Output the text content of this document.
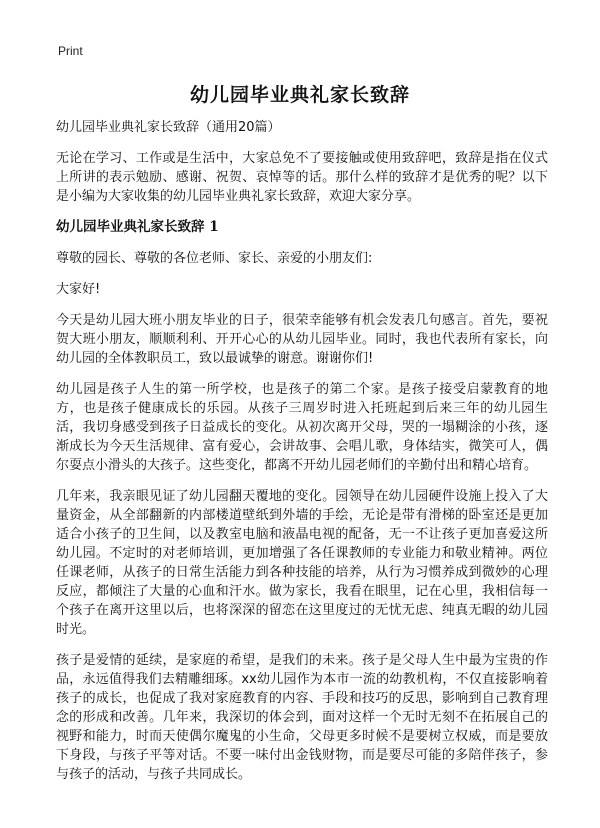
Print
幼儿园毕业典礼家长致辞

幼儿园毕业典礼家长致辞（通用20篇）

无论在学习、工作或是生活中，大家总免不了要接触或使用致辞吧，致辞是指在仪式上所讲的表示勉励、感谢、祝贺、哀悼等的话。那什么样的致辞才是优秀的呢？以下是小编为大家收集的幼儿园毕业典礼家长致辞，欢迎大家分享。

幼儿园毕业典礼家长致辞 1

尊敬的园长、尊敬的各位老师、家长、亲爱的小朋友们:

大家好!

今天是幼儿园大班小朋友毕业的日子，很荣幸能够有机会发表几句感言。首先，要祝贺大班小朋友，顺顺利利、开开心心的从幼儿园毕业。同时，我也代表所有家长，向幼儿园的全体教职员工，致以最诚挚的谢意。谢谢你们!

幼儿园是孩子人生的第一所学校，也是孩子的第二个家。是孩子接受启蒙教育的地方，也是孩子健康成长的乐园。从孩子三周岁时进入托班起到后来三年的幼儿园生活，我切身感受到孩子日益成长的变化。从初次离开父母，哭的一塌糊涂的小孩，逐渐成长为今天生活规律、富有爱心，会讲故事、会唱儿歌，身体结实，微笑可人，偶尔耍点小滑头的大孩子。这些变化，都离不开幼儿园老师们的辛勤付出和精心培育。

几年来，我亲眼见证了幼儿园翻天覆地的变化。园领导在幼儿园硬件设施上投入了大量资金，从全部翻新的内部楼道壁纸到外墙的手绘，无论是带有滑梯的卧室还是更加适合小孩子的卫生间，以及教室电脑和液晶电视的配备，无一不让孩子更加喜爱这所幼儿园。不定时的对老师培训，更加增强了各任课教师的专业能力和敬业精神。两位任课老师，从孩子的日常生活能力到各种技能的培养，从行为习惯养成到微妙的心理反应，都倾注了大量的心血和汗水。做为家长，我看在眼里，记在心里，我相信每一个孩子在离开这里以后，也将深深的留恋在这里度过的无忧无虑、纯真无暇的幼儿园时光。

孩子是爱情的延续，是家庭的希望，是我们的未来。孩子是父母人生中最为宝贵的作品，永远值得我们去精雕细琢。xx幼儿园作为本市一流的幼教机构，不仅直接影响着孩子的成长，也促成了我对家庭教育的内容、手段和技巧的反思，影响到自己教育理念的形成和改善。几年来，我深切的体会到，面对这样一个无时无刻不在拓展自己的视野和能力，时而天使偶尔魔鬼的小生命，父母更多时候不是要树立权威，而是要放下身段，与孩子平等对话。不要一味付出金钱财物，而是要尽可能的多陪伴孩子，参与孩子的活动，与孩子共同成长。
